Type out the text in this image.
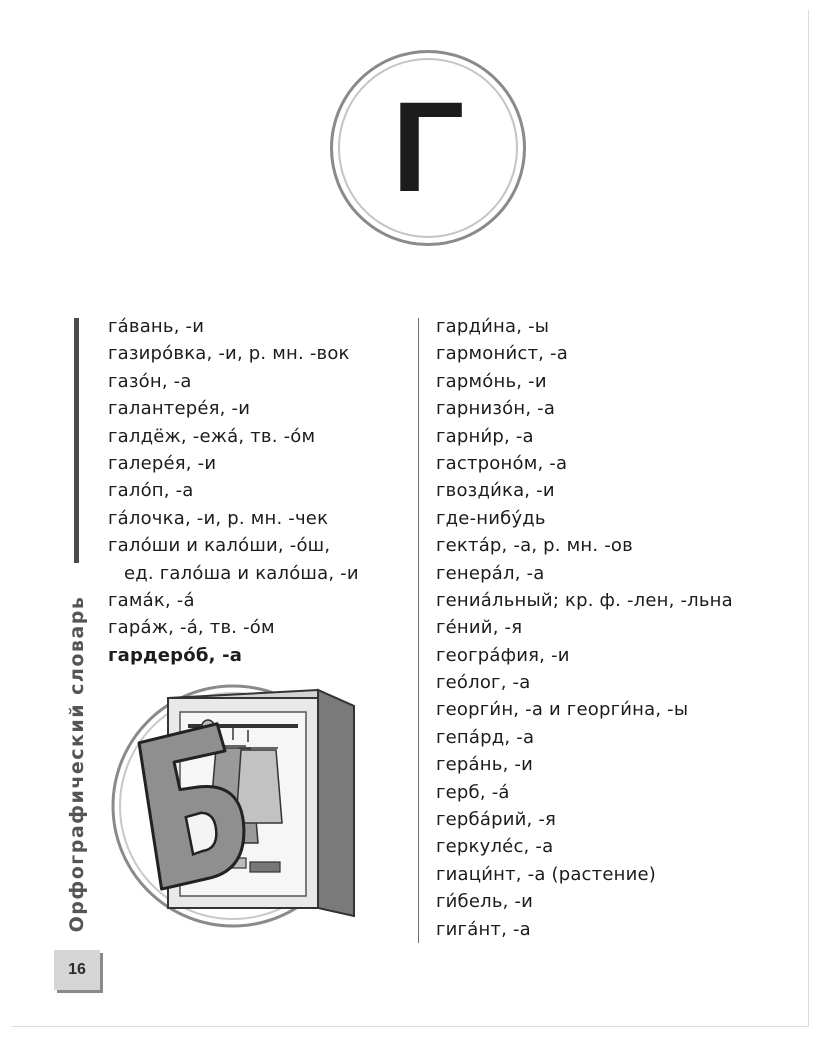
Г
Орфографический словарь
16
га́вань, -и
газиро́вка, -и, р. мн. -вок
газо́н, -а
галантере́я, -и
галдёж, -ежа́, тв. -о́м
галере́я, -и
гало́п, -а
га́лочка, -и, р. мн. -чек
гало́ши и кало́ши, -о́ш,
ед. гало́ша и кало́ша, -и
гама́к, -а́
гара́ж, -а́, тв. -о́м
гардеро́б, -а
гарди́на, -ы
гармони́ст, -а
гармо́нь, -и
гарнизо́н, -а
гарни́р, -а
гастроно́м, -а
гвозди́ка, -и
где-нибу́дь
гекта́р, -а, р. мн. -ов
генера́л, -а
гениа́льный; кр. ф. -лен, -льна
ге́ний, -я
геогра́фия, -и
гео́лог, -а
георги́н, -а и георги́на, -ы
гепа́рд, -а
гера́нь, -и
герб, -а́
герба́рий, -я
геркуле́с, -а
гиаци́нт, -а (растение)
ги́бель, -и
гига́нт, -а
